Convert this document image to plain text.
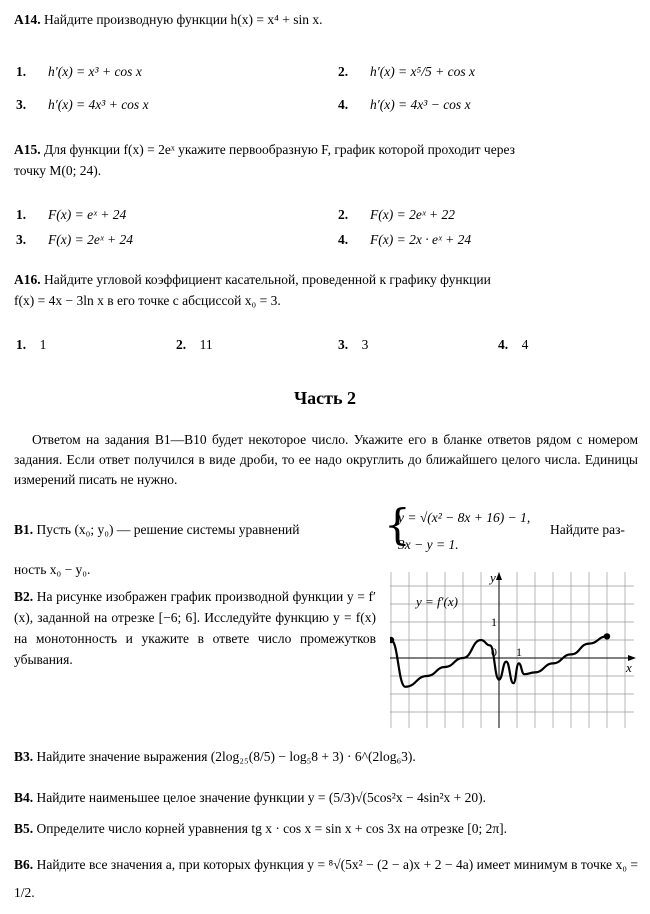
A14. Найдите производную функции h(x) = x⁴ + sin x.
1. h′(x) = x³ + cos x	2. h′(x) = x⁵/5 + cos x
3. h′(x) = 4x³ + cos x	4. h′(x) = 4x³ − cos x
A15. Для функции f(x) = 2eˣ укажите первообразную F, график которой проходит через
точку M(0; 24).
1. F(x) = eˣ + 24	2. F(x) = 2eˣ + 22
3. F(x) = 2eˣ + 24	4. F(x) = 2x · eˣ + 24
A16. Найдите угловой коэффициент касательной, проведенной к графику функции
f(x) = 4x − 3ln x в его точке с абсциссой x₀ = 3.
1. 1	2. 11	3. 3	4. 4
Часть 2
Ответом на задания B1—B10 будет некоторое число. Укажите его в бланке ответов рядом с номером задания. Если ответ получился в виде дроби, то ее надо округлить до ближайшего целого числа. Единицы измерений писать не нужно.
B1. Пусть (x₀; y₀) — решение системы уравнений {
y = √(x² − 8x + 16) − 1,
3x − y = 1.
Найдите раз-
ность x₀ − y₀.
B2. На рисунке изображен график производной функции y = f′(x), заданной на отрезке [−6; 6]. Исследуйте функцию y = f(x) на монотонность и укажите в ответе число промежутков убывания.
y
x
0
1
1
y = f′(x)
B3. Найдите значение выражения (2log₂₅(8/5) − log₅8 + 3) · 6^(2log₆3).
B4. Найдите наименьшее целое значение функции y = (5/3)√(5cos²x − 4sin²x + 20).
B5. Определите число корней уравнения tg x · cos x = sin x + cos 3x на отрезке [0; 2π].
B6. Найдите все значения a, при которых функция y = ⁸√(5x² − (2 − a)x + 2 − 4a) имеет минимум в точке x₀ = 1/2.
